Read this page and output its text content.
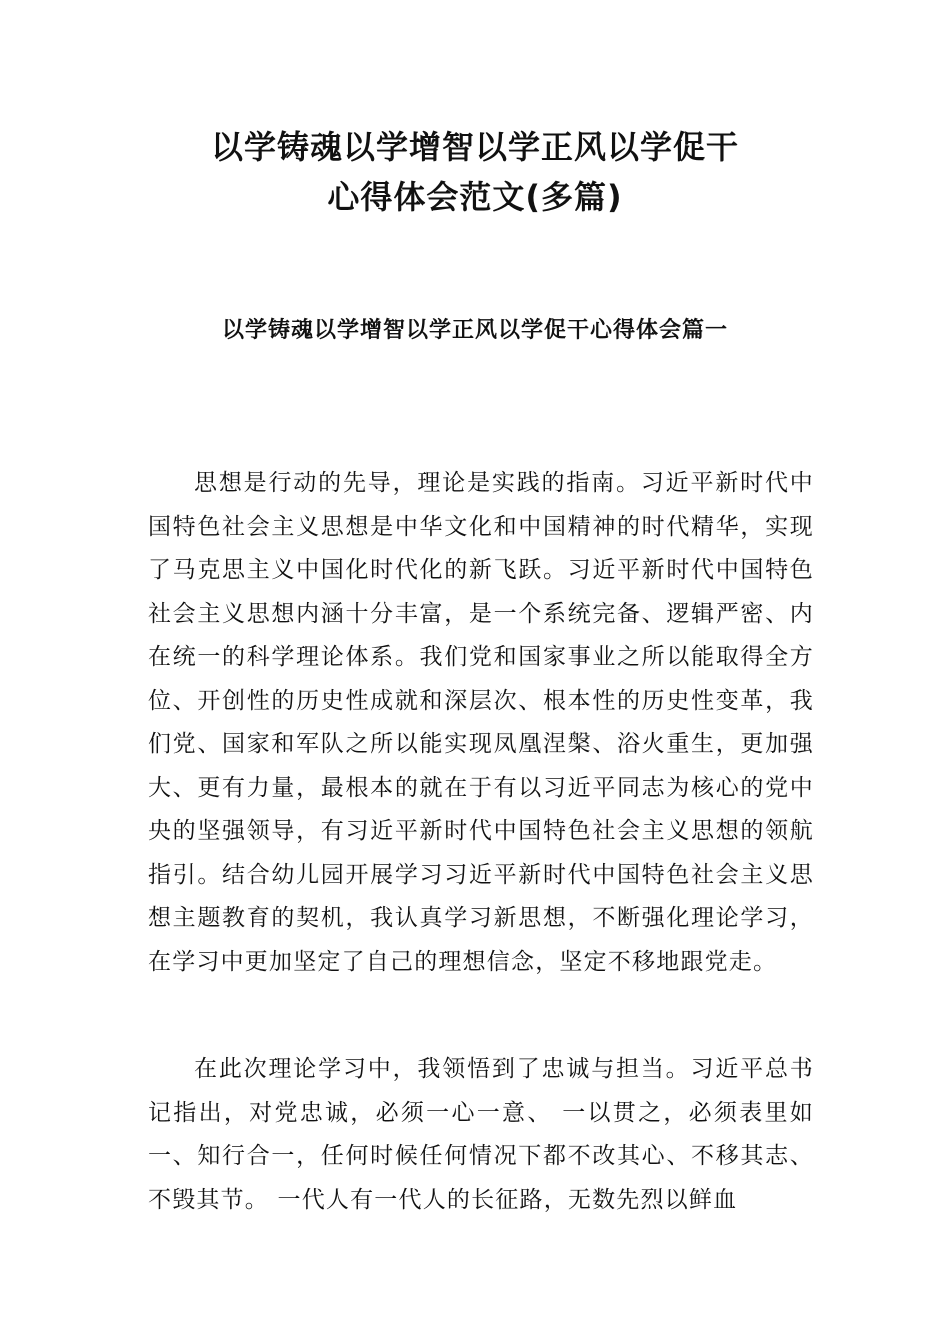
以学铸魂以学增智以学正风以学促干
心得体会范文(多篇)
以学铸魂以学增智以学正风以学促干心得体会篇一

思想是行动的先导，理论是实践的指南。习近平新时代中国特色社会主义思想是中华文化和中国精神的时代精华，实现了马克思主义中国化时代化的新飞跃。习近平新时代中国特色社会主义思想内涵十分丰富，是一个系统完备、逻辑严密、内在统一的科学理论体系。我们党和国家事业之所以能取得全方位、开创性的历史性成就和深层次、根本性的历史性变革，我们党、国家和军队之所以能实现凤凰涅槃、浴火重生，更加强大、更有力量，最根本的就在于有以习近平同志为核心的党中央的坚强领导，有习近平新时代中国特色社会主义思想的领航指引。结合幼儿园开展学习习近平新时代中国特色社会主义思想主题教育的契机，我认真学习新思想，不断强化理论学习，在学习中更加坚定了自己的理想信念，坚定不移地跟党走。

在此次理论学习中，我领悟到了忠诚与担当。习近平总书记指出，对党忠诚，必须一心一意、 一以贯之，必须表里如一、知行合一，任何时候任何情况下都不改其心、不移其志、不毁其节。 一代人有一代人的长征路，无数先烈以鲜血
